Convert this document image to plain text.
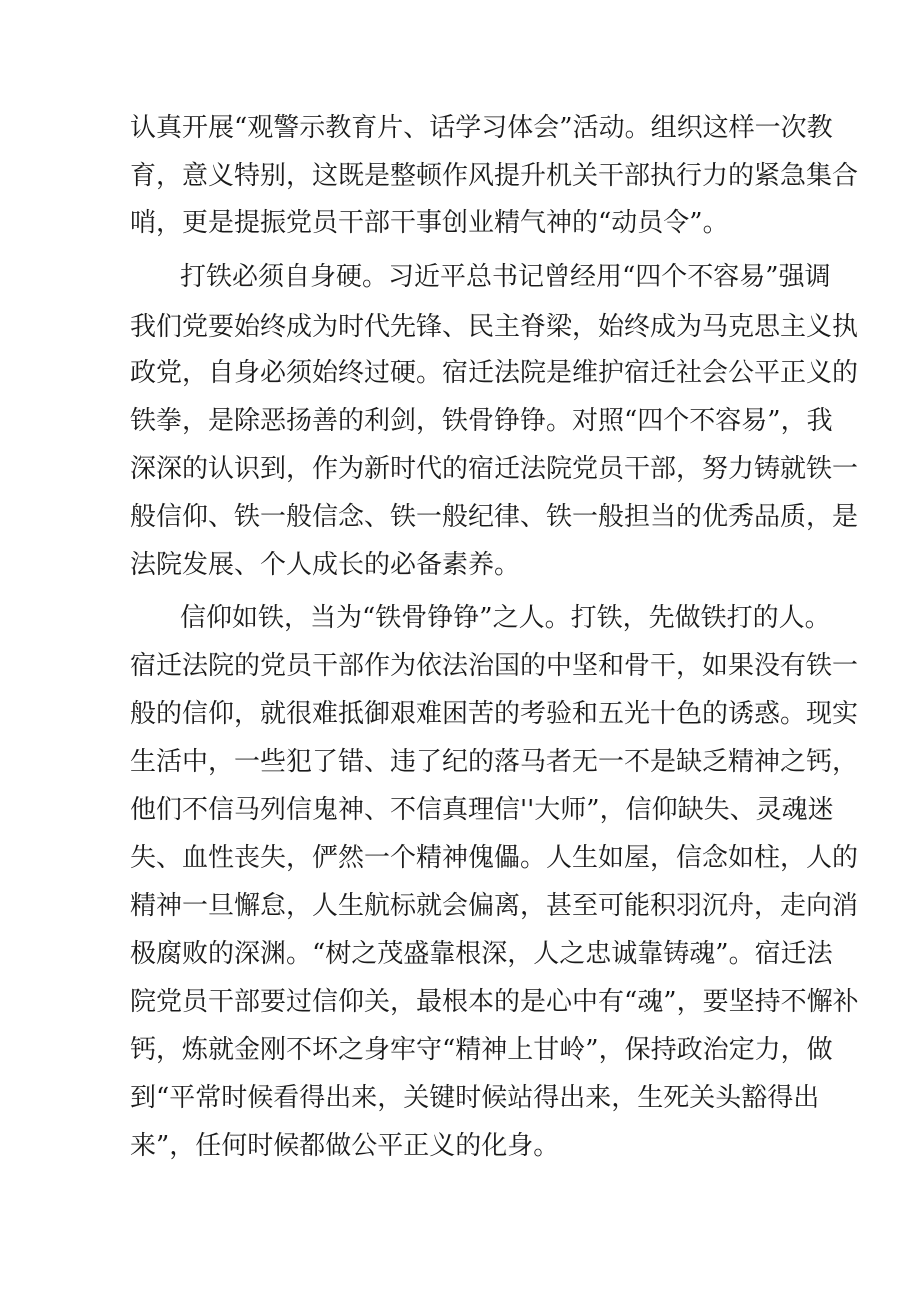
认真开展“观警示教育片、话学习体会”活动。组织这样一次教
育，意义特别，这既是整顿作风提升机关干部执行力的紧急集合
哨，更是提振党员干部干事创业精气神的“动员令”。
打铁必须自身硬。习近平总书记曾经用“四个不容易”强调
我们党要始终成为时代先锋、民主脊梁，始终成为马克思主义执
政党，自身必须始终过硬。宿迁法院是维护宿迁社会公平正义的
铁拳，是除恶扬善的利剑，铁骨铮铮。对照“四个不容易”，我
深深的认识到，作为新时代的宿迁法院党员干部，努力铸就铁一
般信仰、铁一般信念、铁一般纪律、铁一般担当的优秀品质，是
法院发展、个人成长的必备素养。
信仰如铁，当为“铁骨铮铮”之人。打铁，先做铁打的人。
宿迁法院的党员干部作为依法治国的中坚和骨干，如果没有铁一
般的信仰，就很难抵御艰难困苦的考验和五光十色的诱惑。现实
生活中，一些犯了错、违了纪的落马者无一不是缺乏精神之钙，
他们不信马列信鬼神、不信真理信''大师”，信仰缺失、灵魂迷
失、血性丧失，俨然一个精神傀儡。人生如屋，信念如柱，人的
精神一旦懈怠，人生航标就会偏离，甚至可能积羽沉舟，走向消
极腐败的深渊。“树之茂盛靠根深，人之忠诚靠铸魂”。宿迁法
院党员干部要过信仰关，最根本的是心中有“魂”，要坚持不懈补
钙，炼就金刚不坏之身牢守“精神上甘岭”，保持政治定力，做
到“平常时候看得出来，关键时候站得出来，生死关头豁得出
来”，任何时候都做公平正义的化身。
